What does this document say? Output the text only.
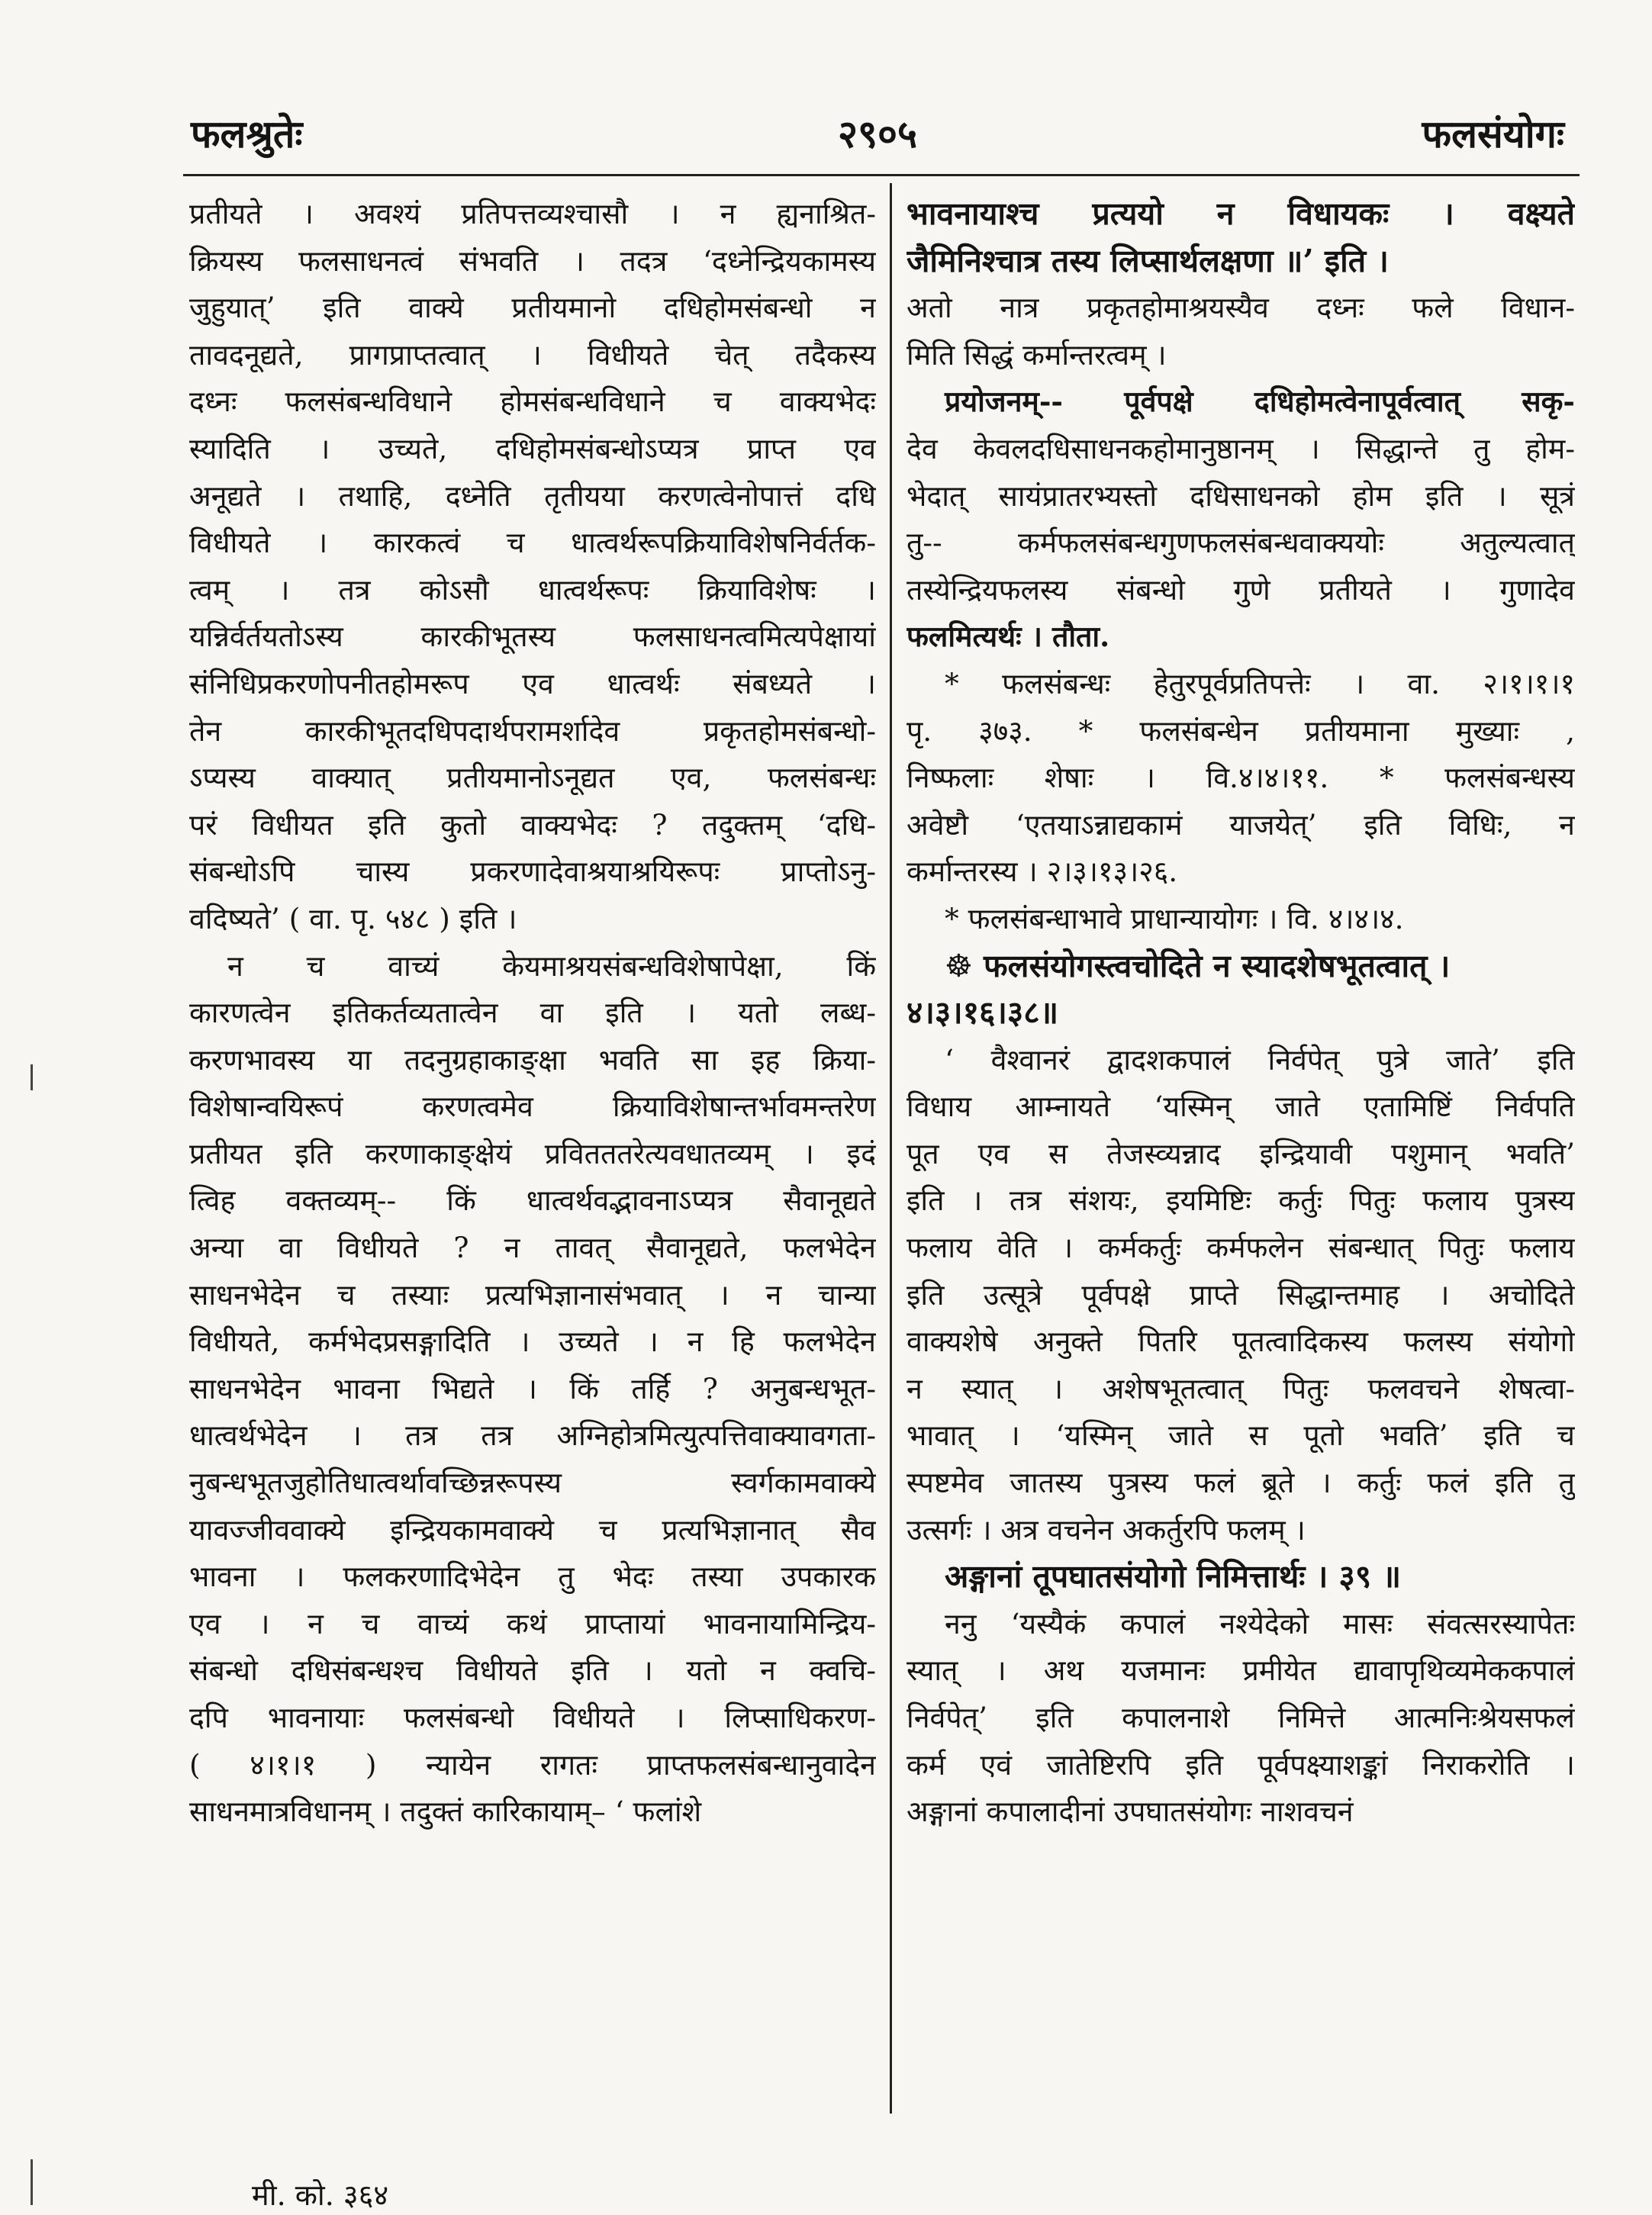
फलश्रुतेः	२९०५	फलसंयोगः
प्रतीयते । अवश्यं प्रतिपत्तव्यश्चासौ । न ह्यनाश्रित-
क्रियस्य फलसाधनत्वं संभवति । तदत्र ‘दध्नेन्द्रियकामस्य
जुहुयात्’ इति वाक्ये प्रतीयमानो दधिहोमसंबन्धो न
तावदनूद्यते, प्रागप्राप्तत्वात् । विधीयते चेत् तदैकस्य
दध्नः फलसंबन्धविधाने होमसंबन्धविधाने च वाक्यभेदः
स्यादिति । उच्यते, दधिहोमसंबन्धोऽप्यत्र प्राप्त एव
अनूद्यते । तथाहि, दध्नेति तृतीयया करणत्वेनोपात्तं दधि
विधीयते । कारकत्वं च धात्वर्थरूपक्रियाविशेषनिर्वर्तक-
त्वम् । तत्र कोऽसौ धात्वर्थरूपः क्रियाविशेषः ।
यन्निर्वर्तयतोऽस्य कारकीभूतस्य फलसाधनत्वमित्यपेक्षायां
संनिधिप्रकरणोपनीतहोमरूप एव धात्वर्थः संबध्यते ।
तेन कारकीभूतदधिपदार्थपरामर्शादेव प्रकृतहोमसंबन्धो-
ऽप्यस्य वाक्यात् प्रतीयमानोऽनूद्यत एव, फलसंबन्धः
परं विधीयत इति कुतो वाक्यभेदः ? तदुक्तम् ‘दधि-
संबन्धोऽपि चास्य प्रकरणादेवाश्रयाश्रयिरूपः प्राप्तोऽनु-
वदिष्यते’ ( वा. पृ. ५४८ ) इति ।
न च वाच्यं केयमाश्रयसंबन्धविशेषापेक्षा, किं
कारणत्वेन इतिकर्तव्यतात्वेन वा इति । यतो लब्ध-
करणभावस्य या तदनुग्रहाकाङ्क्षा भवति सा इह क्रिया-
विशेषान्वयिरूपं करणत्वमेव क्रियाविशेषान्तर्भावमन्तरेण
प्रतीयत इति करणाकाङ्क्षेयं प्रवितततरेत्यवधातव्यम् । इदं
त्विह वक्तव्यम्-- किं धात्वर्थवद्भावनाऽप्यत्र सैवानूद्यते
अन्या वा विधीयते ? न तावत् सैवानूद्यते, फलभेदेन
साधनभेदेन च तस्याः प्रत्यभिज्ञानासंभवात् । न चान्या
विधीयते, कर्मभेदप्रसङ्गादिति । उच्यते । न हि फलभेदेन
साधनभेदेन भावना भिद्यते । किं तर्हि ? अनुबन्धभूत-
धात्वर्थभेदेन । तत्र तत्र अग्निहोत्रमित्युत्पत्तिवाक्यावगता-
नुबन्धभूतजुहोतिधात्वर्थावच्छिन्नरूपस्य स्वर्गकामवाक्ये
यावज्जीववाक्ये इन्द्रियकामवाक्ये च प्रत्यभिज्ञानात् सैव
भावना । फलकरणादिभेदेन तु भेदः तस्या उपकारक
एव । न च वाच्यं कथं प्राप्तायां भावनायामिन्द्रिय-
संबन्धो दधिसंबन्धश्च विधीयते इति । यतो न क्वचि-
दपि भावनायाः फलसंबन्धो विधीयते । लिप्साधिकरण-
( ४।१।१ ) न्यायेन रागतः प्राप्तफलसंबन्धानुवादेन
साधनमात्रविधानम् । तदुक्तं कारिकायाम्– ‘ फलांशे
भावनायाश्च प्रत्ययो न विधायकः । वक्ष्यते
जैमिनिश्चात्र तस्य लिप्सार्थलक्षणा ॥’ इति ।
अतो नात्र प्रकृतहोमाश्रयस्यैव दध्नः फले विधान-
मिति सिद्धं कर्मान्तरत्वम् ।
प्रयोजनम्-- पूर्वपक्षे दधिहोमत्वेनापूर्वत्वात् सकृ-
देव केवलदधिसाधनकहोमानुष्ठानम् । सिद्धान्ते तु होम-
भेदात् सायंप्रातरभ्यस्तो दधिसाधनको होम इति । सूत्रं
तु-- कर्मफलसंबन्धगुणफलसंबन्धवाक्ययोः अतुल्यत्वात्
तस्येन्द्रियफलस्य संबन्धो गुणे प्रतीयते । गुणादेव
फलमित्यर्थः । तौता.
* फलसंबन्धः हेतुरपूर्वप्रतिपत्तेः । वा. २।१।१।१
पृ. ३७३. * फलसंबन्धेन प्रतीयमाना मुख्याः ,
निष्फलाः शेषाः । वि.४।४।११. * फलसंबन्धस्य
अवेष्टौ ‘एतयाऽन्नाद्यकामं याजयेत्’ इति विधिः, न
कर्मान्तरस्य । २।३।१३।२६.
* फलसंबन्धाभावे प्राधान्यायोगः । वि. ४।४।४.
☸ फलसंयोगस्त्वचोदिते न स्यादशेषभूतत्वात् ।
४।३।१६।३८॥
‘ वैश्वानरं द्वादशकपालं निर्वपेत् पुत्रे जाते’ इति
विधाय आम्नायते ‘यस्मिन् जाते एतामिष्टिं निर्वपति
पूत एव स तेजस्व्यन्नाद इन्द्रियावी पशुमान् भवति’
इति । तत्र संशयः, इयमिष्टिः कर्तुः पितुः फलाय पुत्रस्य
फलाय वेति । कर्मकर्तुः कर्मफलेन संबन्धात् पितुः फलाय
इति उत्सूत्रे पूर्वपक्षे प्राप्ते सिद्धान्तमाह । अचोदिते
वाक्यशेषे अनुक्ते पितरि पूतत्वादिकस्य फलस्य संयोगो
न स्यात् । अशेषभूतत्वात् पितुः फलवचने शेषत्वा-
भावात् । ‘यस्मिन् जाते स पूतो भवति’ इति च
स्पष्टमेव जातस्य पुत्रस्य फलं ब्रूते । कर्तुः फलं इति तु
उत्सर्गः । अत्र वचनेन अकर्तुरपि फलम् ।
अङ्गानां तूपघातसंयोगो निमित्तार्थः । ३९ ॥
ननु ‘यस्यैकं कपालं नश्येदेको मासः संवत्सरस्यापेतः
स्यात् । अथ यजमानः प्रमीयेत द्यावापृथिव्यमेककपालं
निर्वपेत्’ इति कपालनाशे निमित्ते आत्मनिःश्रेयसफलं
कर्म एवं जातेष्टिरपि इति पूर्वपक्ष्याशङ्कां निराकरोति ।
अङ्गानां कपालादीनां उपघातसंयोगः नाशवचनं
मी. को. ३६४
